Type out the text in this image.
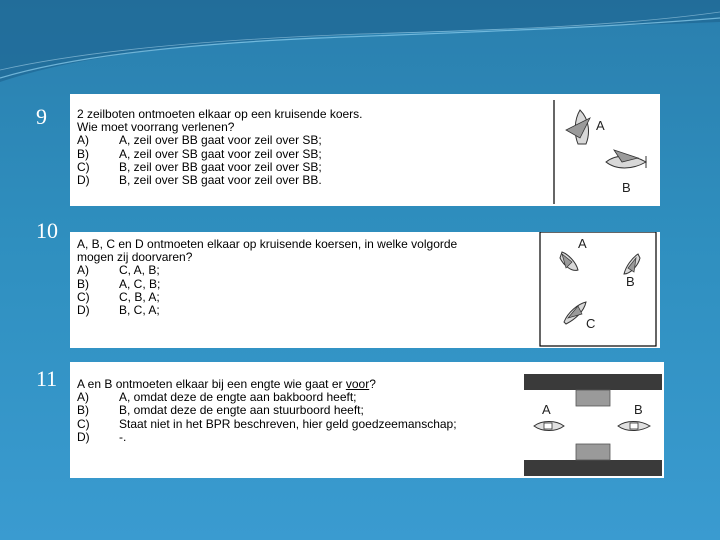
9
10
11
2 zeilboten ontmoeten elkaar op een kruisende koers.
Wie moet voorrang verlenen?
A)	A, zeil over BB gaat voor zeil over SB;
B)	A, zeil over SB gaat voor zeil over SB;
C)	B, zeil over BB gaat voor zeil over SB;
D)	B, zeil over SB gaat voor zeil over BB.
A
B
A, B, C en D ontmoeten elkaar op kruisende koersen, in welke volgorde
mogen zij doorvaren?
A)	C, A, B;
B)	A, C, B;
C)	C, B, A;
D)	B, C, A;
A
B
C
A en B ontmoeten elkaar bij een engte wie gaat er voor?
A)	A, omdat deze de engte aan bakboord heeft;
B)	B, omdat deze de engte aan stuurboord heeft;
C)	Staat niet in het BPR beschreven, hier geld goedzeemanschap;
D)	-.
A	B
